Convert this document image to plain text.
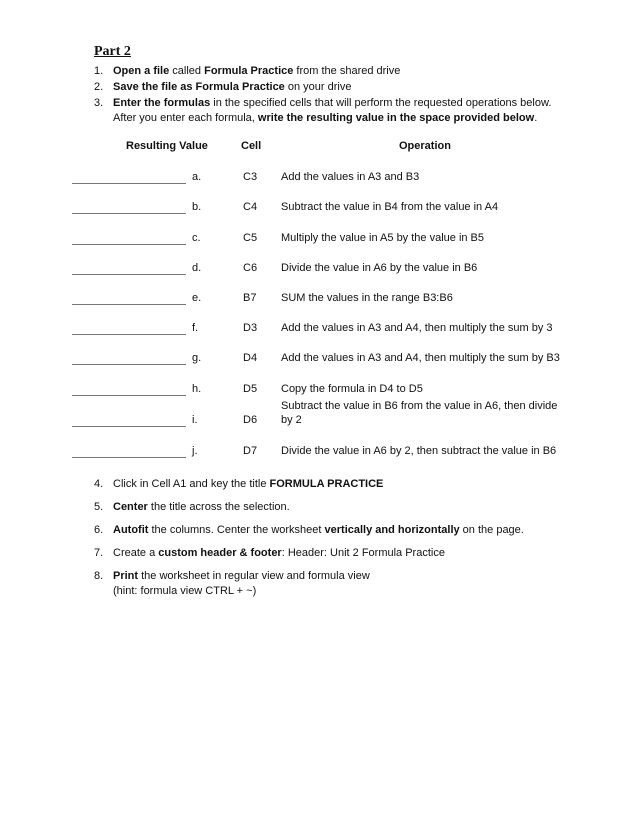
Part 2
1. Open a file called Formula Practice from the shared drive
2. Save the file as Formula Practice on your drive
3. Enter the formulas in the specified cells that will perform the requested operations below.
After you enter each formula, write the resulting value in the space provided below.
Resulting Value	Cell	Operation
a.	C3 Add the values in A3 and B3
b.	C4 Subtract the value in B4 from the value in A4
c.	C5 Multiply the value in A5 by the value in B5
d.	C6 Divide the value in A6 by the value in B6
e.	B7 SUM the values in the range B3:B6
f.	D3 Add the values in A3 and A4, then multiply the sum by 3
g.	D4 Add the values in A3 and A4, then multiply the sum by B3
h.	D5 Copy the formula in D4 to D5
i.	D6
Subtract the value in B6 from the value in A6, then divide
by 2
j.	D7 Divide the value in A6 by 2, then subtract the value in B6
4. Click in Cell A1 and key the title FORMULA PRACTICE
5. Center the title across the selection.
6. Autofit the columns. Center the worksheet vertically and horizontally on the page.
7. Create a custom header & footer: Header: Unit 2 Formula Practice
8. Print the worksheet in regular view and formula view
(hint: formula view CTRL + ~)
